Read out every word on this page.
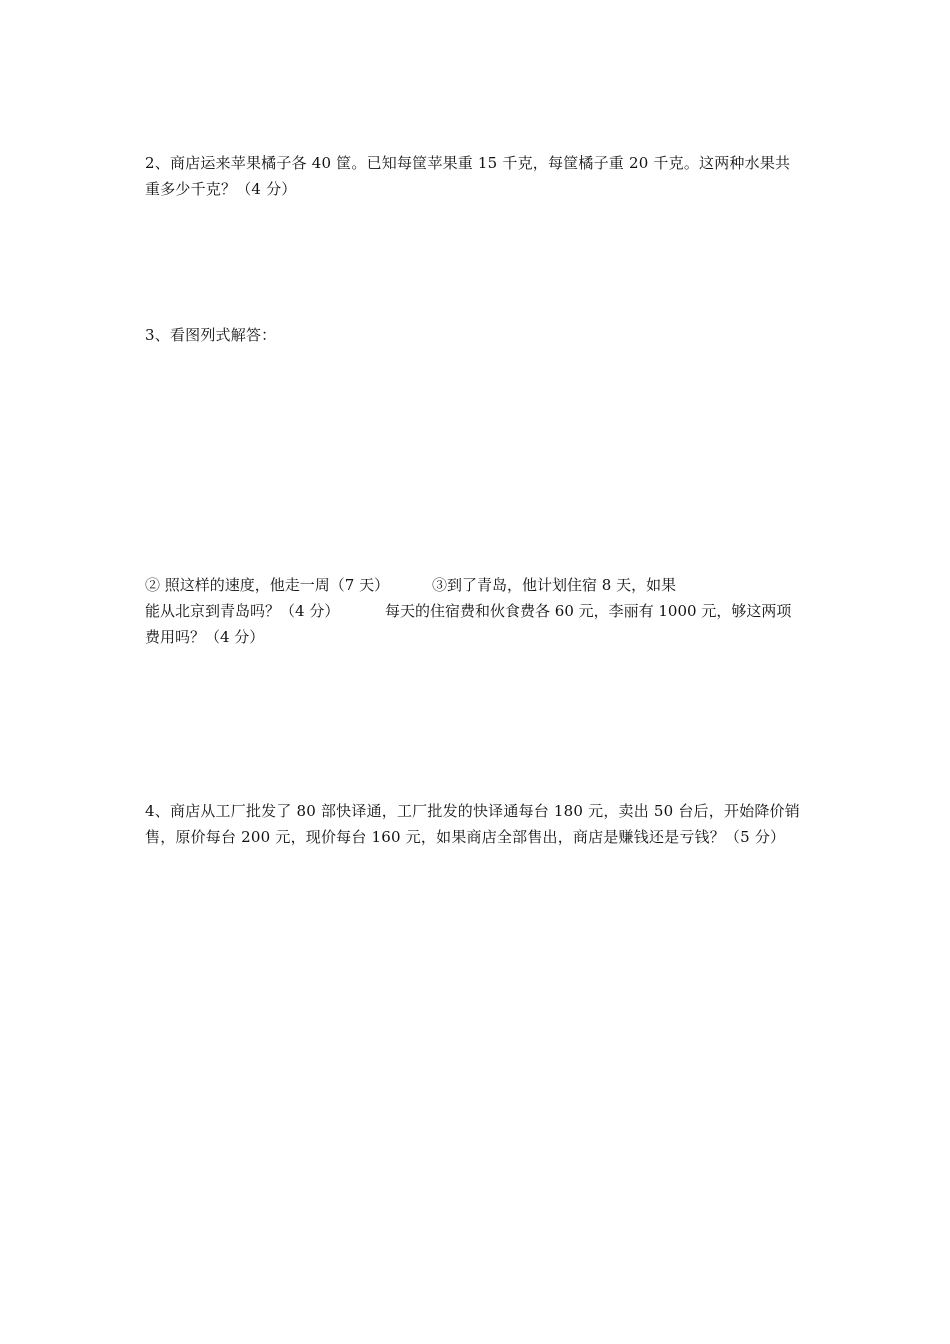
2、商店运来苹果橘子各 40 筐。已知每筐苹果重 15 千克，每筐橘子重 20 千克。这两种水果共
重多少千克？（4 分）
3、看图列式解答：
② 照这样的速度，他走一周（7 天）	③到了青岛，他计划住宿 8 天，如果
能从北京到青岛吗？（4 分）	每天的住宿费和伙食费各 60 元，李丽有 1000 元，够这两项
费用吗？（4 分）
4、商店从工厂批发了 80 部快译通，工厂批发的快译通每台 180 元，卖出 50 台后，开始降价销
售，原价每台 200 元，现价每台 160 元，如果商店全部售出，商店是赚钱还是亏钱？（5 分）
